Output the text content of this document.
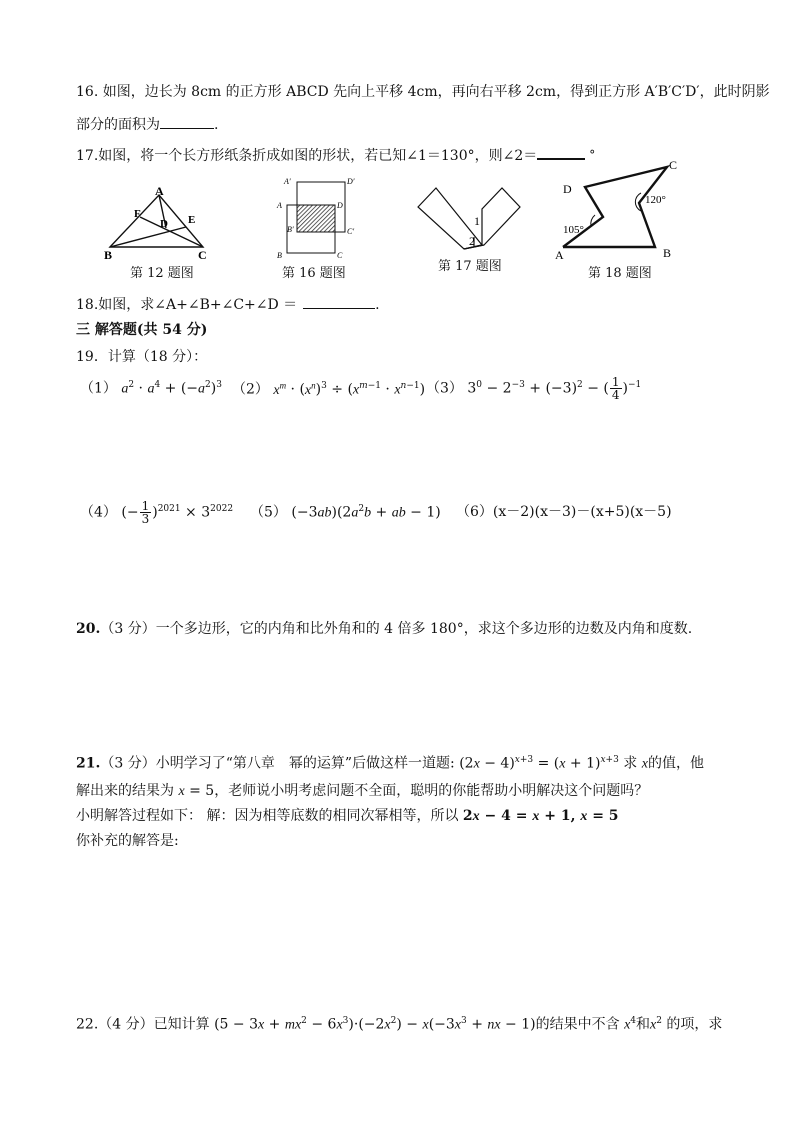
16. 如图，边长为 8cm 的正方形 ABCD 先向上平移 4cm，再向右平移 2cm，得到正方形 A′B′C′D′，此时阴影
部分的面积为	.
17.如图，将一个长方形纸条折成如图的形状，若已知∠1＝130°，则∠2＝	°
A
B	C
D E
F
第 12 题图
A′	D′
A	D
B′
B
C′
C
第 16 题图
1
2
第 17 题图
C
D
A	B
105°
120°
第 18 题图
18.如图，求∠A+∠B+∠C+∠D ＝	.
三 解答题(共 54 分)
19．计算（18 分）：
（1） $a^2 \cdot a^4 + (-a^2)^3$ （2） $x^m \cdot (x^n)^3 \div (x^{m-1} \cdot x^{n-1})$ （3） $3^0 - 2^{-3} + (-3)^2$ − ( $\frac{1}{4} )^{-1}$
（4） (− $\frac{1}{3} )^{2021} \times 3^{2022}$ （5） $(-3ab)(2a^2b$ + ab − 1) （6）(x－2)(x－3)－(x+5)(x－5)
20.（3 分）一个多边形，它的内角和比外角和的 4 倍多 180°，求这个多边形的边数及内角和度数.
21.（3 分）小明学习了“第八章　幂的运算”后做这样一道题: $(2x - 4)^{x+3} = (x + 1)^{x+3}$ 求 x的值，他
解出来的结果为 x = 5，老师说小明考虑问题不全面，聪明的你能帮助小明解决这个问题吗？
小明解答过程如下： 解：因为相等底数的相同次幂相等，所以 2x − 4 = x + 1, x = 5
你补充的解答是:
22.（4 分）已知计算 $(5 - 3x + mx^2 - 6x^3)\cdot(-2x^2) - x(-3x^3$ + nx − 1)的结果中不含 $x^4$和$x^2$ 的项，求
